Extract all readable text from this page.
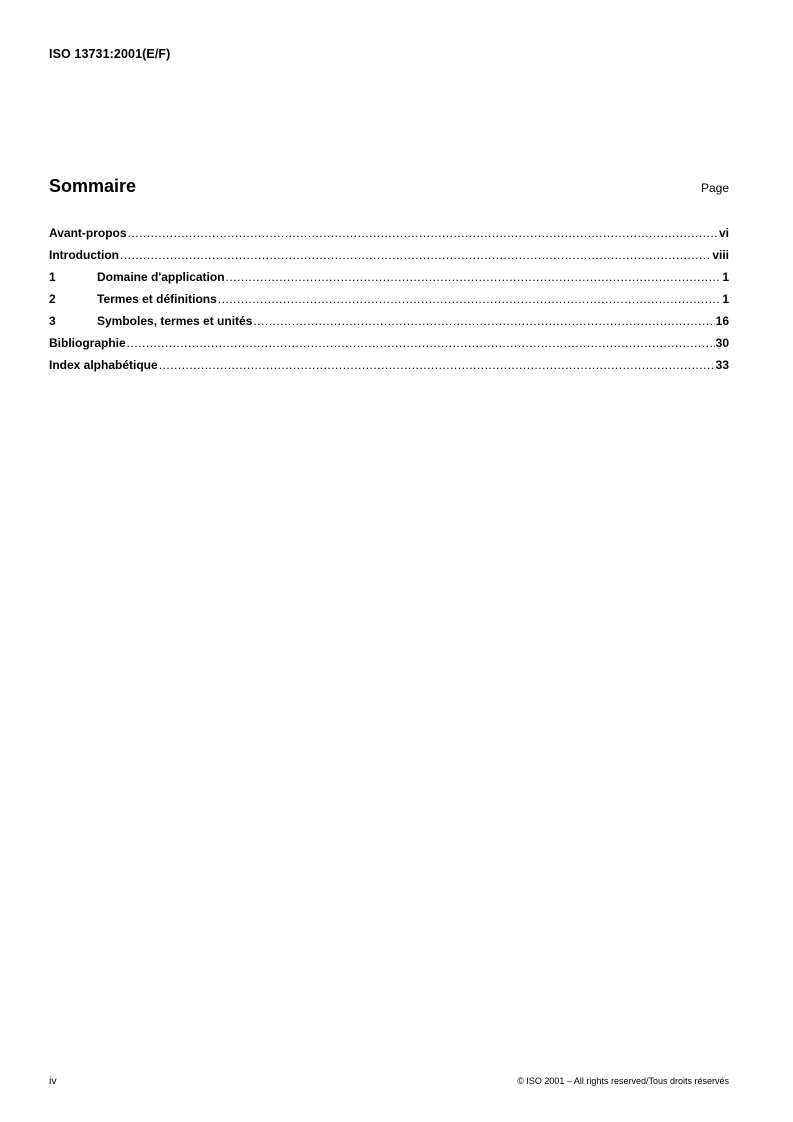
ISO 13731:2001(E/F)
Sommaire	Page
Avant-propos .....	vi
Introduction .....	viii
1	Domaine d'application .....	1
2	Termes et définitions .....	1
3	Symboles, termes et unités .....	16
Bibliographie .....	30
Index alphabétique .....	33
iv	© ISO 2001 – All rights reserved/Tous droits réservés
